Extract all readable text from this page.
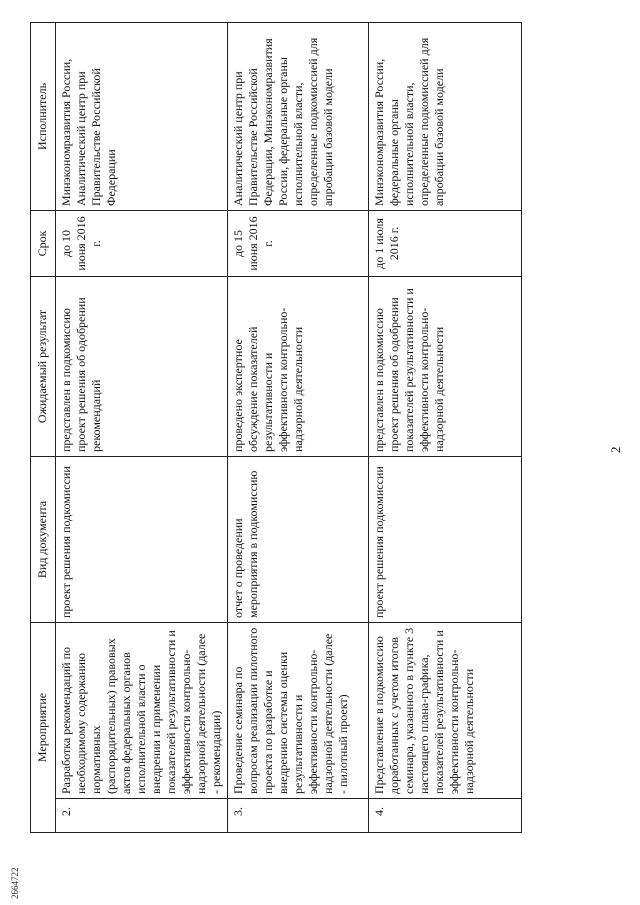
2
2664722
Мероприятие		Вид документа	Ожидаемый результат	Срок	Исполнитель
2.	Разработка рекомендаций по необходимому содержанию нормативных (распорядительных) правовых актов федеральных органов исполнительной власти о внедрении и применении показателей результативности и эффективности контрольно-надзорной деятельности (далее - рекомендации)	проект решения подкомиссии	представлен в подкомиссию проект решения об одобрении рекомендаций	до 10 июня 2016 г.	Минэкономразвития России, Аналитический центр при Правительстве Российской Федерации
3.	Проведение семинара по вопросам реализации пилотного проекта по разработке и внедрению системы оценки результативности и эффективности контрольно-надзорной деятельности (далее - пилотный проект)	отчет о проведении мероприятия в подкомиссию	проведено экспертное обсуждение показателей результативности и эффективности контрольно-надзорной деятельности	до 15 июня 2016 г.	Аналитический центр при Правительстве Российской Федерации, Минэкономразвития России, федеральные органы исполнительной власти, определенные подкомиссией для апробации базовой модели
4.	Представление в подкомиссию доработанных с учетом итогов семинара, указанного в пункте 3 настоящего плана-графика, показателей результативности и эффективности контрольно-надзорной деятельности	проект решения подкомиссии	представлен в подкомиссию проект решения об одобрении показателей результативности и эффективности контрольно-надзорной деятельности	до 1 июля 2016 г.	Минэкономразвития России, федеральные органы исполнительной власти, определенные подкомиссией для апробации базовой модели
